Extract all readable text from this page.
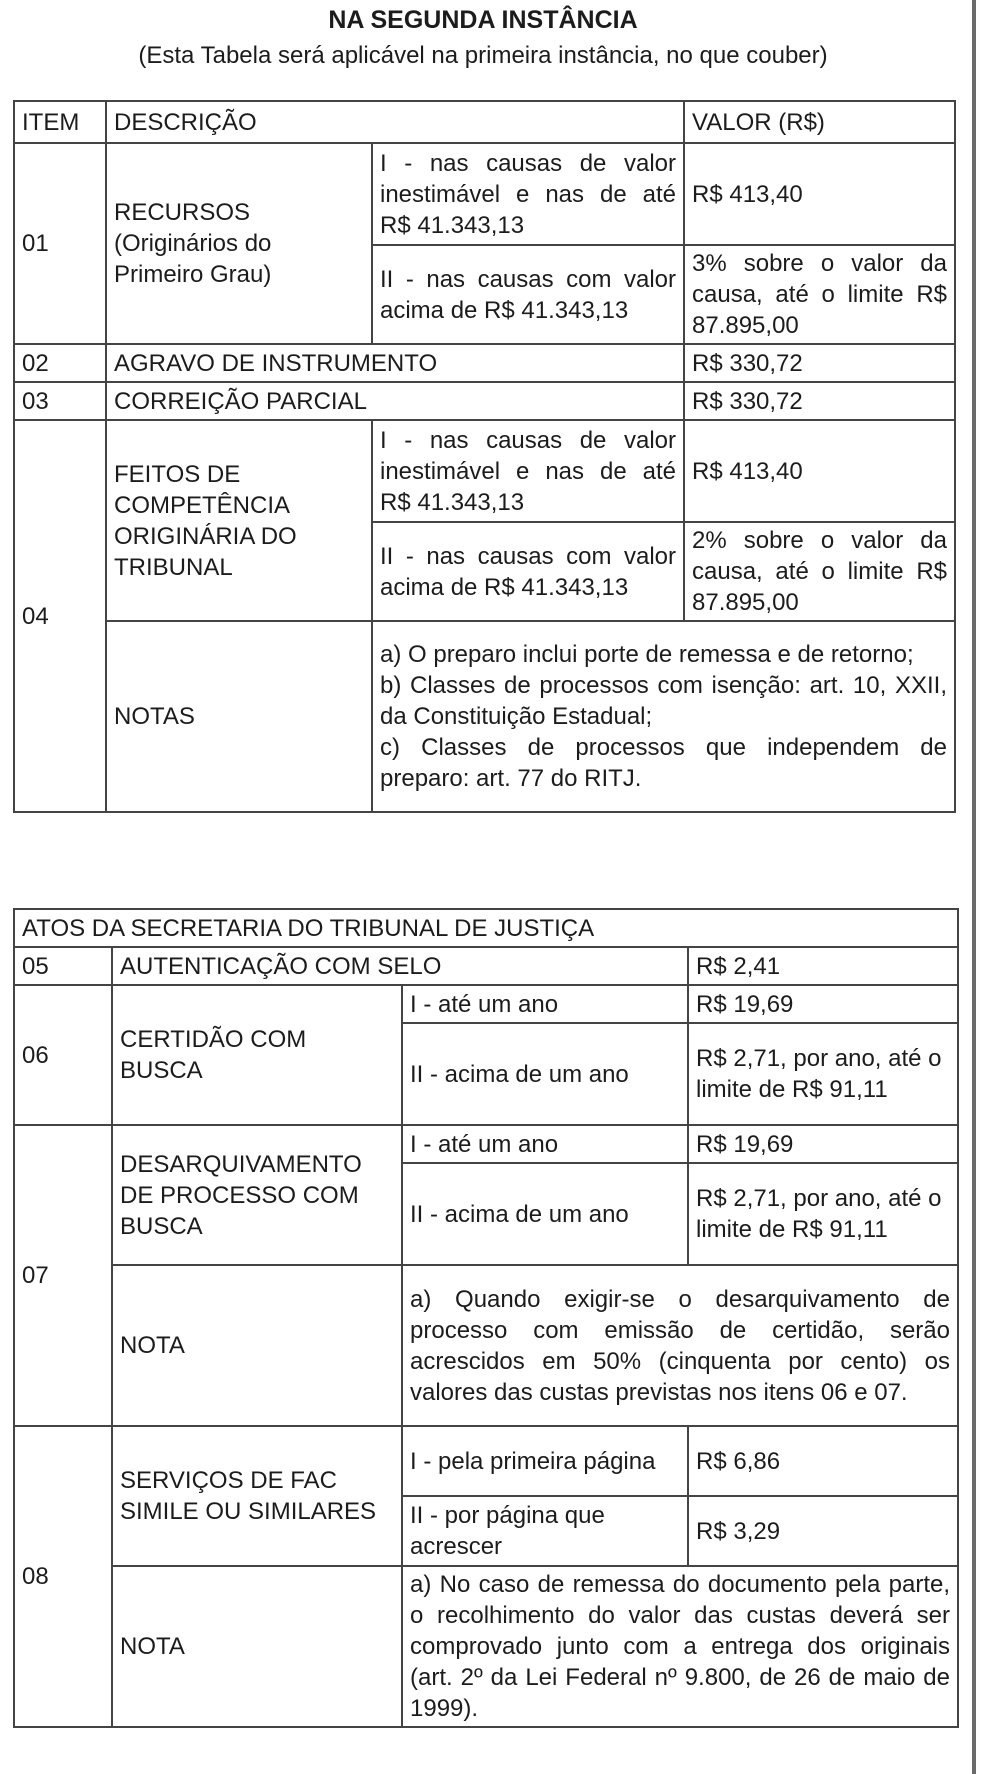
NA SEGUNDA INSTÂNCIA
(Esta Tabela será aplicável na primeira instância, no que couber)
ITEM	DESCRIÇÃO		VALOR (R$)
01	RECURSOS (Originários do Primeiro Grau)	I - nas causas de valor inestimável e nas de até R$ 41.343,13	R$ 413,40
		II - nas causas com valor acima de R$ 41.343,13	3% sobre o valor da causa, até o limite R$ 87.895,00
02	AGRAVO DE INSTRUMENTO		R$ 330,72
03	CORREIÇÃO PARCIAL		R$ 330,72
04	FEITOS DE COMPETÊNCIA ORIGINÁRIA DO TRIBUNAL	I - nas causas de valor inestimável e nas de até R$ 41.343,13	R$ 413,40
		II - nas causas com valor acima de R$ 41.343,13	2% sobre o valor da causa, até o limite R$ 87.895,00
	NOTAS	a) O preparo inclui porte de remessa e de retorno;
b) Classes de processos com isenção: art. 10, XXII, da Constituição Estadual;
c) Classes de processos que independem de preparo: art. 77 do RITJ.	
ATOS DA SECRETARIA DO TRIBUNAL DE JUSTIÇA			
05	AUTENTICAÇÃO COM SELO		R$ 2,41
06	CERTIDÃO COM BUSCA	I - até um ano	R$ 19,69
		II - acima de um ano	R$ 2,71, por ano, até o limite de R$ 91,11
07	DESARQUIVAMENTO DE PROCESSO COM BUSCA	I - até um ano	R$ 19,69
		II - acima de um ano	R$ 2,71, por ano, até o limite de R$ 91,11
	NOTA	a) Quando exigir-se o desarquivamento de processo com emissão de certidão, serão acrescidos em 50% (cinquenta por cento) os valores das custas previstas nos itens 06 e 07.	
08	SERVIÇOS DE FAC SIMILE OU SIMILARES	I - pela primeira página	R$ 6,86
		II - por página que acrescer	R$ 3,29
	NOTA	a) No caso de remessa do documento pela parte, o recolhimento do valor das custas deverá ser comprovado junto com a entrega dos originais (art. 2º da Lei Federal nº 9.800, de 26 de maio de 1999).	
